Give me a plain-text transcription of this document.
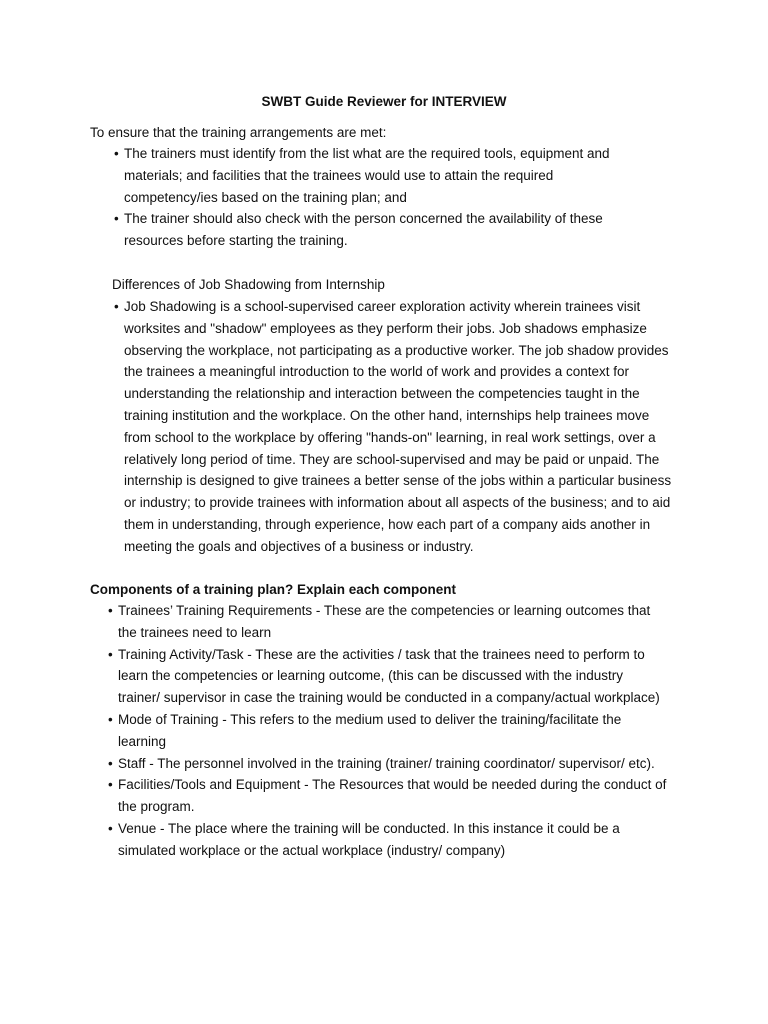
SWBT Guide Reviewer for INTERVIEW

To ensure that the training arrangements are met:

• The trainers must identify from the list what are the required tools, equipment and materials; and facilities that the trainees would use to attain the required competency/ies based on the training plan; and
• The trainer should also check with the person concerned the availability of these resources before starting the training.

Differences of Job Shadowing from Internship

• Job Shadowing is a school-supervised career exploration activity wherein trainees visit worksites and "shadow" employees as they perform their jobs. Job shadows emphasize observing the workplace, not participating as a productive worker. The job shadow provides the trainees a meaningful introduction to the world of work and provides a context for understanding the relationship and interaction between the competencies taught in the training institution and the workplace. On the other hand, internships help trainees move from school to the workplace by offering "hands-on" learning, in real work settings, over a relatively long period of time. They are school-supervised and may be paid or unpaid. The internship is designed to give trainees a better sense of the jobs within a particular business or industry; to provide trainees with information about all aspects of the business; and to aid them in understanding, through experience, how each part of a company aids another in meeting the goals and objectives of a business or industry.

Components of a training plan? Explain each component

• Trainees’ Training Requirements - These are the competencies or learning outcomes that the trainees need to learn
• Training Activity/Task - These are the activities / task that the trainees need to perform to learn the competencies or learning outcome, (this can be discussed with the industry trainer/ supervisor in case the training would be conducted in a company/actual workplace)
• Mode of Training - This refers to the medium used to deliver the training/facilitate the learning
• Staff - The personnel involved in the training (trainer/ training coordinator/ supervisor/ etc).
• Facilities/Tools and Equipment - The Resources that would be needed during the conduct of the program.
• Venue - The place where the training will be conducted. In this instance it could be a simulated workplace or the actual workplace (industry/ company)
